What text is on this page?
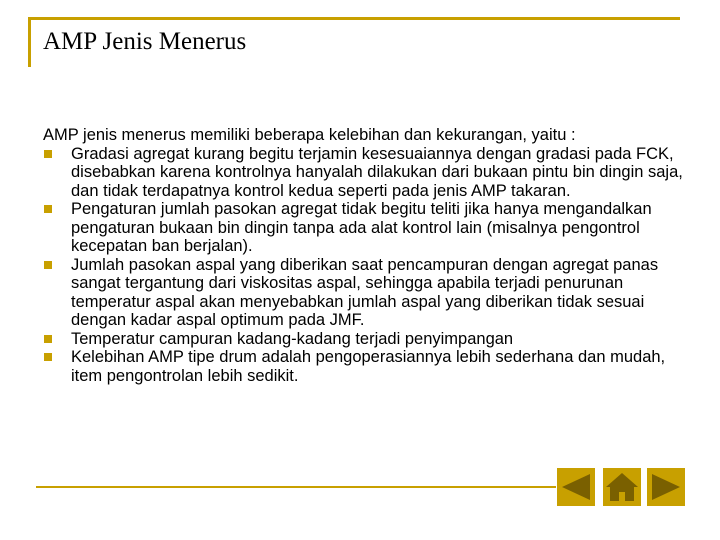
AMP Jenis Menerus

AMP jenis menerus memiliki beberapa kelebihan dan kekurangan, yaitu :

Gradasi agregat kurang begitu terjamin kesesuaiannya dengan gradasi pada FCK, disebabkan karena kontrolnya hanyalah dilakukan dari bukaan pintu bin dingin saja, dan tidak terdapatnya kontrol kedua seperti pada jenis AMP takaran.
Pengaturan jumlah pasokan agregat tidak begitu teliti jika hanya mengandalkan pengaturan bukaan bin dingin tanpa ada alat kontrol lain (misalnya pengontrol kecepatan ban berjalan).
Jumlah pasokan aspal yang diberikan saat pencampuran dengan agregat panas sangat tergantung dari viskositas aspal, sehingga apabila terjadi penurunan temperatur aspal akan menyebabkan jumlah aspal yang diberikan tidak sesuai dengan kadar aspal optimum pada JMF.
Temperatur campuran kadang-kadang terjadi penyimpangan
Kelebihan AMP tipe drum adalah pengoperasiannya lebih sederhana dan mudah, item pengontrolan lebih sedikit.
